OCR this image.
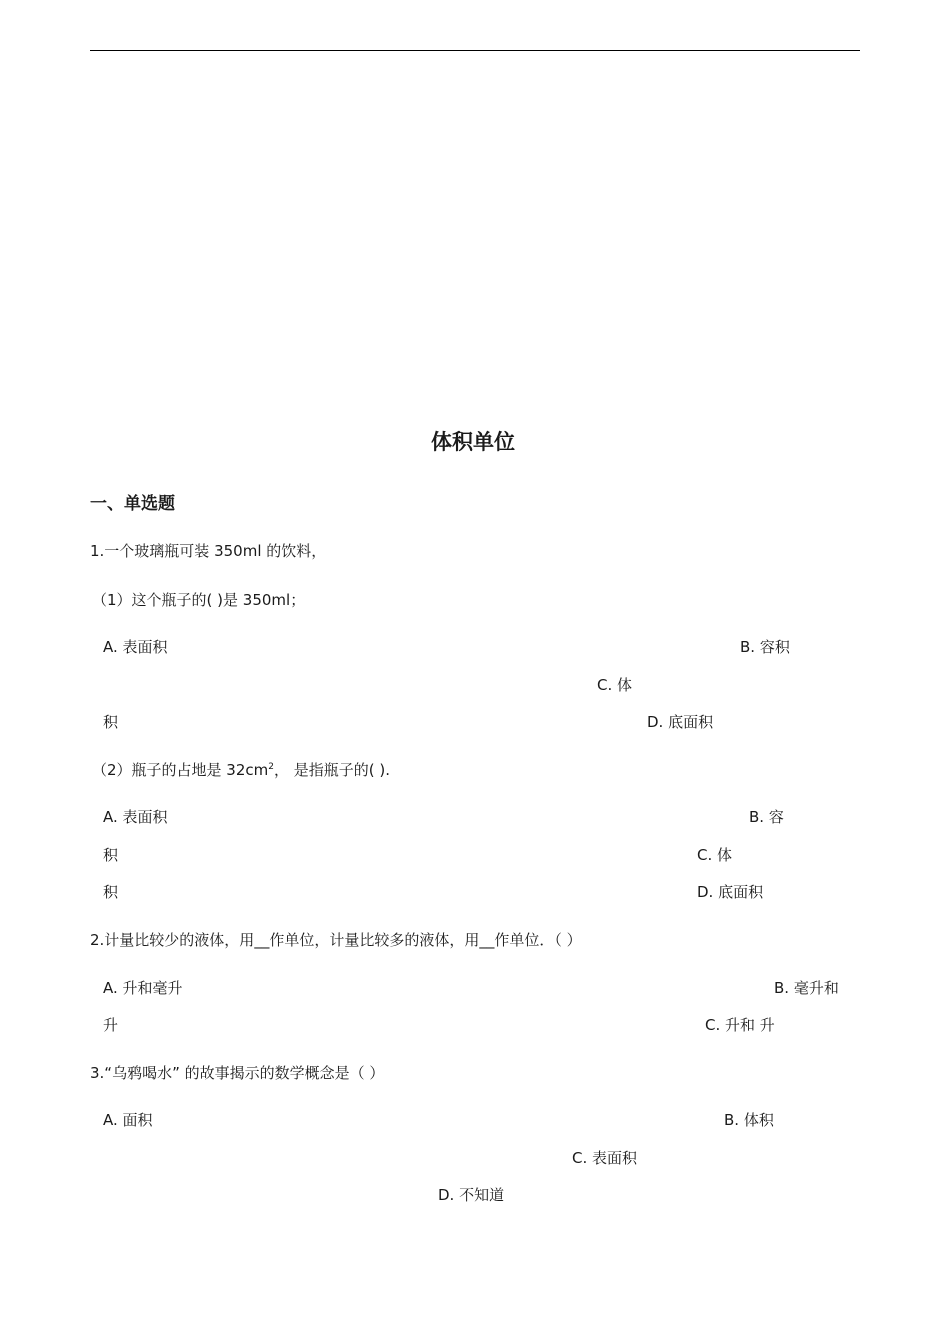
体积单位
一、单选题
1.一个玻璃瓶可装 350ml 的饮料，
（1）这个瓶子的( )是 350ml；
A. 表面积	B. 容积
C. 体
积	D. 底面积
（2）瓶子的占地是 $32cm^2$， 是指瓶子的( ).
A. 表面积	B. 容
积	C. 体
积	D. 底面积
2.计量比较少的液体，用__作单位，计量比较多的液体，用__作单位．（ ）
A. 升和毫升	B. 毫升和
升	C. 升和 升
3.“乌鸦喝水” 的故事揭示的数学概念是（ ）
A. 面积	B. 体积
C. 表面积
D. 不知道
